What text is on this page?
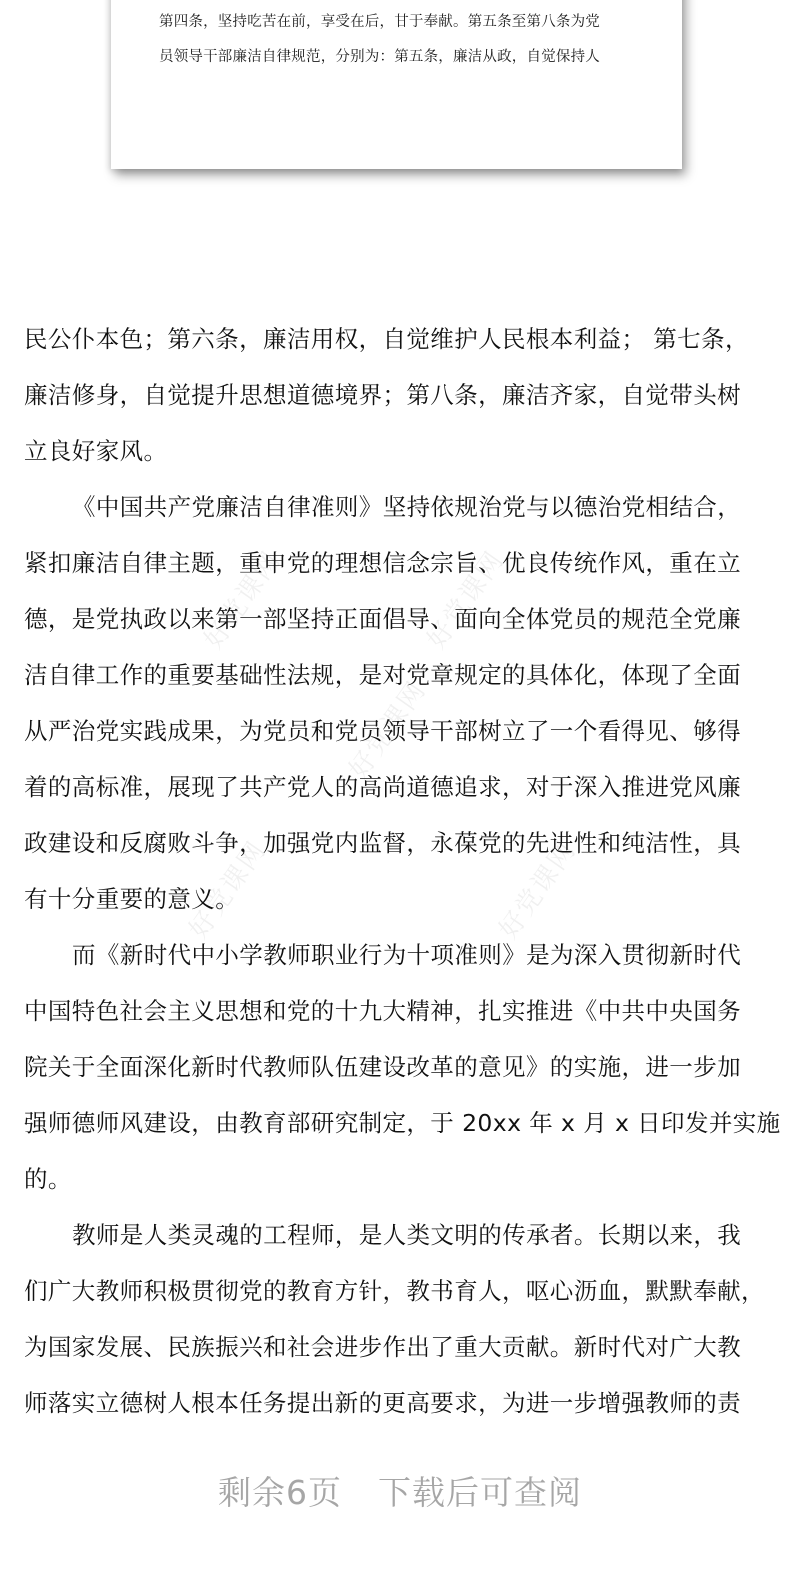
第四条，坚持吃苦在前，享受在后，甘于奉献。第五条至第八条为党
员领导干部廉洁自律规范，分别为：第五条，廉洁从政，自觉保持人
好党课网	好党课网
好党课网
好党课网	好党课网
民公仆本色；第六条，廉洁用权，自觉维护人民根本利益； 第七条，
廉洁修身，自觉提升思想道德境界；第八条，廉洁齐家，自觉带头树
立良好家风。
《中国共产党廉洁自律准则》坚持依规治党与以德治党相结合，
紧扣廉洁自律主题，重申党的理想信念宗旨、优良传统作风，重在立
德，是党执政以来第一部坚持正面倡导、面向全体党员的规范全党廉
洁自律工作的重要基础性法规，是对党章规定的具体化，体现了全面
从严治党实践成果，为党员和党员领导干部树立了一个看得见、够得
着的高标准，展现了共产党人的高尚道德追求，对于深入推进党风廉
政建设和反腐败斗争，加强党内监督，永葆党的先进性和纯洁性，具
有十分重要的意义。
而《新时代中小学教师职业行为十项准则》是为深入贯彻新时代
中国特色社会主义思想和党的十九大精神，扎实推进《中共中央国务
院关于全面深化新时代教师队伍建设改革的意见》的实施，进一步加
强师德师风建设，由教育部研究制定，于 20xx 年 x 月 x 日印发并实施
的。
教师是人类灵魂的工程师，是人类文明的传承者。长期以来，我
们广大教师积极贯彻党的教育方针，教书育人，呕心沥血，默默奉献，
为国家发展、民族振兴和社会进步作出了重大贡献。新时代对广大教
师落实立德树人根本任务提出新的更高要求，为进一步增强教师的责
剩余6页 下载后可查阅
